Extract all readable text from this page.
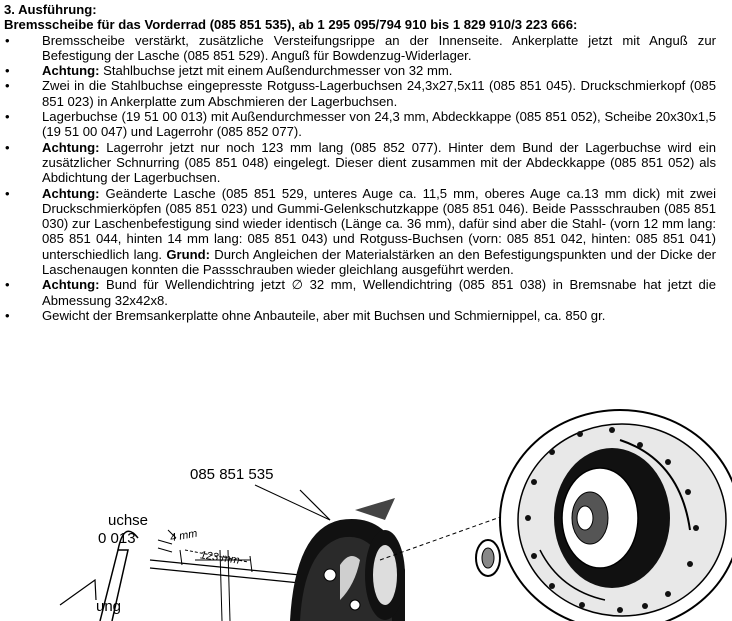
3. Ausführung:

Bremsscheibe für das Vorderrad (085 851 535), ab 1 295 095/794 910 bis 1 829 910/3 223 666:

• Bremsscheibe verstärkt, zusätzliche Versteifungsrippe an der Innenseite. Ankerplatte jetzt mit Anguß zur Befestigung der Lasche (085 851 529). Anguß für Bowdenzug-Widerlager.
• Achtung: Stahlbuchse jetzt mit einem Außendurchmesser von 32 mm.
• Zwei in die Stahlbuchse eingepresste Rotguss-Lagerbuchsen 24,3x27,5x11 (085 851 045). Druckschmierkopf (085 851 023) in Ankerplatte zum Abschmieren der Lagerbuchsen.
• Lagerbuchse (19 51 00 013) mit Außendurchmesser von 24,3 mm, Abdeckkappe (085 851 052), Scheibe 20x30x1,5 (19 51 00 047) und Lagerrohr (085 852 077).
• Achtung: Lagerrohr jetzt nur noch 123 mm lang (085 852 077). Hinter dem Bund der Lagerbuchse wird ein zusätzlicher Schnurring (085 851 048) eingelegt. Dieser dient zusammen mit der Abdeckkappe (085 851 052) als Abdichtung der Lagerbuchsen.
• Achtung: Geänderte Lasche (085 851 529, unteres Auge ca. 11,5 mm, oberes Auge ca.13 mm dick) mit zwei Druckschmierköpfen (085 851 023) und Gummi-Gelenkschutzkappe (085 851 046). Beide Passschrauben (085 851 030) zur Laschenbefestigung sind wieder identisch (Länge ca. 36 mm), dafür sind aber die Stahl- (vorn 12 mm lang: 085 851 044, hinten 14 mm lang: 085 851 043) und Rotguss-Buchsen (vorn: 085 851 042, hinten: 085 851 041) unterschiedlich lang. Grund: Durch Angleichen der Materialstärken an den Befestigungspunkten und der Dicke der Laschenaugen konnten die Passschrauben wieder gleichlang ausgeführt werden.
• Achtung: Bund für Wellendichtring jetzt ∅ 32 mm, Wellendichtring (085 851 038) in Bremsnabe hat jetzt die Abmessung 32x42x8.
• Gewicht der Bremsankerplatte ohne Anbauteile, aber mit Buchsen und Schmiernippel, ca. 850 gr.
085 851 535
uchse
0 013	4 mm
123 mm
ung
